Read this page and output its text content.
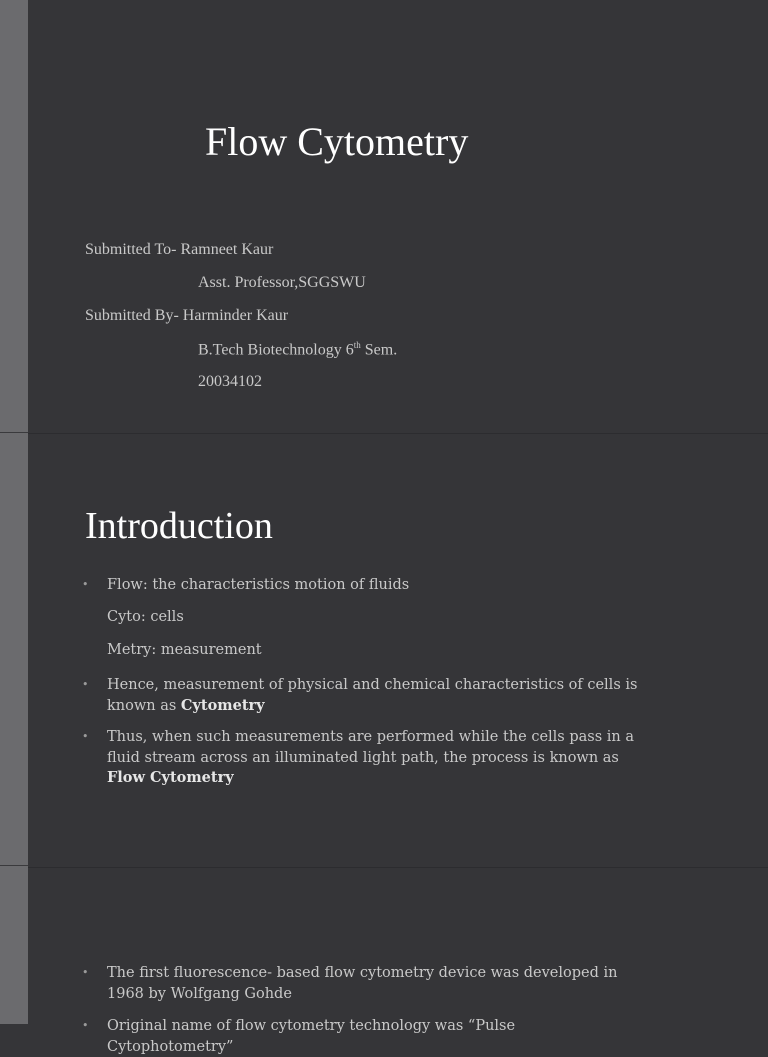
Flow Cytometry

Submitted To- Ramneet Kaur

Asst. Professor,SGGSWU

Submitted By- Harminder Kaur

B.Tech Biotechnology 6th Sem.

20034102

Introduction
• Flow: the characteristics motion of fluids
Cyto: cells
Metry: measurement
• Hence, measurement of physical and chemical characteristics of cells is known as Cytometry
• Thus, when such measurements are performed while the cells pass in a fluid stream across an illuminated light path, the process is known as Flow Cytometry
• The first fluorescence- based flow cytometry device was developed in 1968 by Wolfgang Gohde
• Original name of flow cytometry technology was “Pulse Cytophotometry”
